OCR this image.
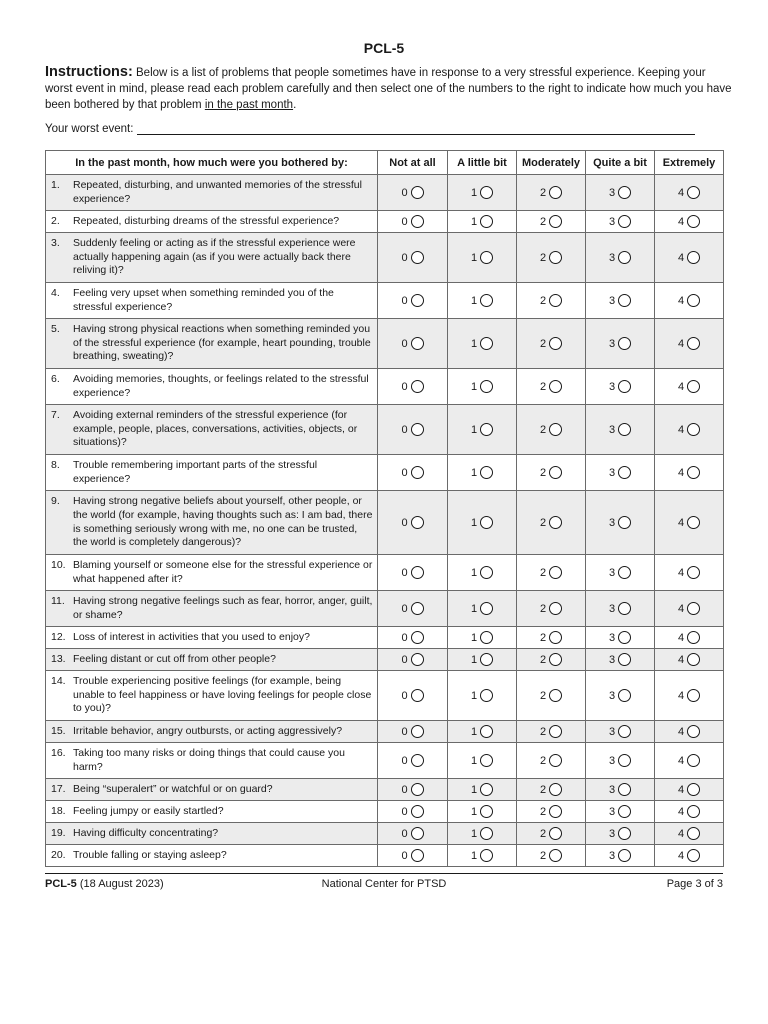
PCL-5
Instructions: Below is a list of problems that people sometimes have in response to a very stressful experience. Keeping your worst event in mind, please read each problem carefully and then select one of the numbers to the right to indicate how much you have been bothered by that problem in the past month.
Your worst event:
In the past month, how much were you bothered by:	Not at all	A little bit	Moderately	Quite a bit	Extremely

1. Repeated, disturbing, and unwanted memories of the stressful experience?	0	1	2	3	4

2. Repeated, disturbing dreams of the stressful experience?	0	1	2	3	4

3. Suddenly feeling or acting as if the stressful experience were actually happening again (as if you were actually back there reliving it)?	0	1	2	3	4

4. Feeling very upset when something reminded you of the stressful experience?	0	1	2	3	4

5. Having strong physical reactions when something reminded you of the stressful experience (for example, heart pounding, trouble breathing, sweating)?	0	1	2	3	4

6. Avoiding memories, thoughts, or feelings related to the stressful experience?	0	1	2	3	4

7. Avoiding external reminders of the stressful experience (for example, people, places, conversations, activities, objects, or situations)?	0	1	2	3	4

8. Trouble remembering important parts of the stressful experience?	0	1	2	3	4

9. Having strong negative beliefs about yourself, other people, or the world (for example, having thoughts such as: I am bad, there is something seriously wrong with me, no one can be trusted, the world is completely dangerous)?	0	1	2	3	4

10. Blaming yourself or someone else for the stressful experience or what happened after it?	0	1	2	3	4

11. Having strong negative feelings such as fear, horror, anger, guilt, or shame?	0	1	2	3	4

12. Loss of interest in activities that you used to enjoy?	0	1	2	3	4

13. Feeling distant or cut off from other people?	0	1	2	3	4

14. Trouble experiencing positive feelings (for example, being unable to feel happiness or have loving feelings for people close to you)?	0	1	2	3	4

15. Irritable behavior, angry outbursts, or acting aggressively?	0	1	2	3	4

16. Taking too many risks or doing things that could cause you harm?	0	1	2	3	4

17. Being “superalert” or watchful or on guard?	0	1	2	3	4

18. Feeling jumpy or easily startled?	0	1	2	3	4

19. Having difficulty concentrating?	0	1	2	3	4

20. Trouble falling or staying asleep?	0	1	2	3	4
PCL-5 (18 August 2023)	National Center for PTSD	Page 3 of 3
